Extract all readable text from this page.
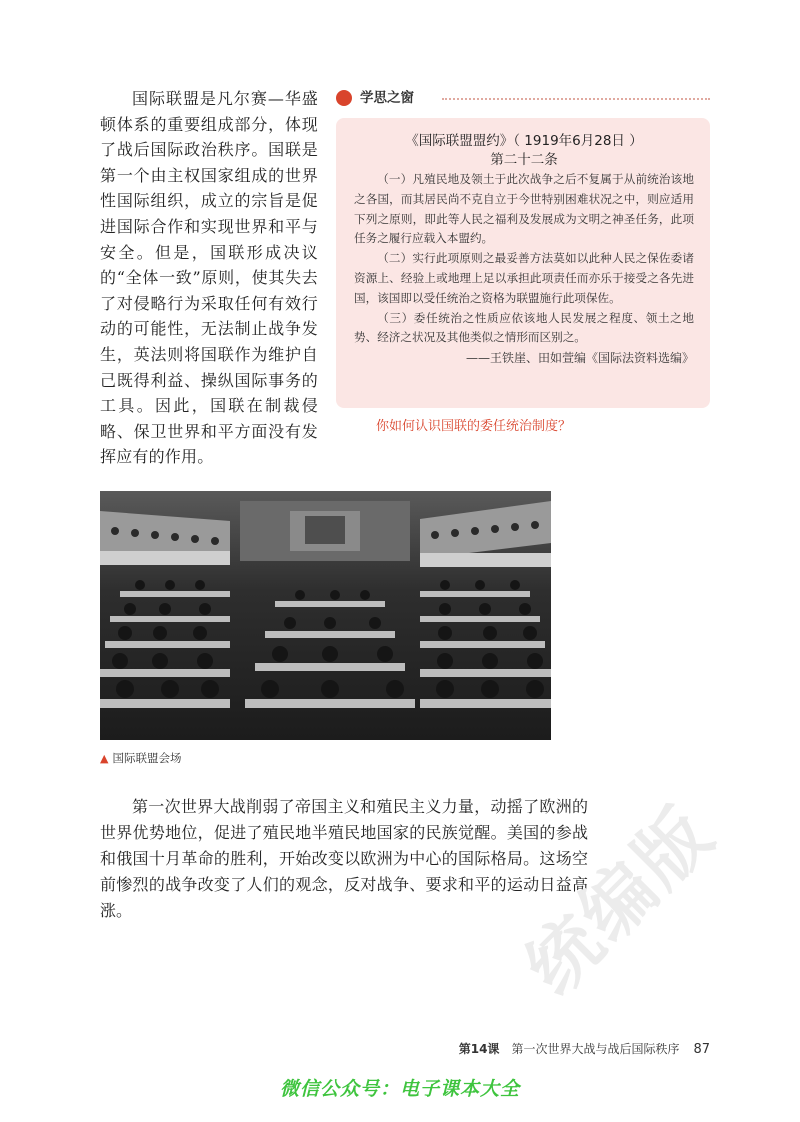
国际联盟是凡尔赛—华盛顿体系的重要组成部分，体现了战后国际政治秩序。国联是第一个由主权国家组成的世界性国际组织，成立的宗旨是促进国际合作和实现世界和平与安全。但是，国联形成决议的“全体一致”原则，使其失去了对侵略行为采取任何有效行动的可能性，无法制止战争发生，英法则将国联作为维护自己既得利益、操纵国际事务的工具。因此，国联在制裁侵略、保卫世界和平方面没有发挥应有的作用。

学思之窗
《国际联盟盟约》（ 1919年6月28日 ）
第二十二条

（一）凡殖民地及领土于此次战争之后不复属于从前统治该地之各国，而其居民尚不克自立于今世特别困难状况之中，则应适用下列之原则，即此等人民之福利及发展成为文明之神圣任务，此项任务之履行应载入本盟约。

（二）实行此项原则之最妥善方法莫如以此种人民之保佐委诸资源上、经验上或地理上足以承担此项责任而亦乐于接受之各先进国，该国即以受任统治之资格为联盟施行此项保佐。

（三）委任统治之性质应依该地人民发展之程度、领土之地势、经济之状况及其他类似之情形而区别之。

——王铁崖、田如萱编《国际法资料选编》
你如何认识国联的委任统治制度？
▲ 国际联盟会场

第一次世界大战削弱了帝国主义和殖民主义力量，动摇了欧洲的世界优势地位，促进了殖民地半殖民地国家的民族觉醒。美国的参战和俄国十月革命的胜利，开始改变以欧洲为中心的国际格局。这场空前惨烈的战争改变了人们的观念，反对战争、要求和平的运动日益高涨。	统编版
第14课 第一次世界大战与战后国际秩序 87
微信公众号：电子课本大全
